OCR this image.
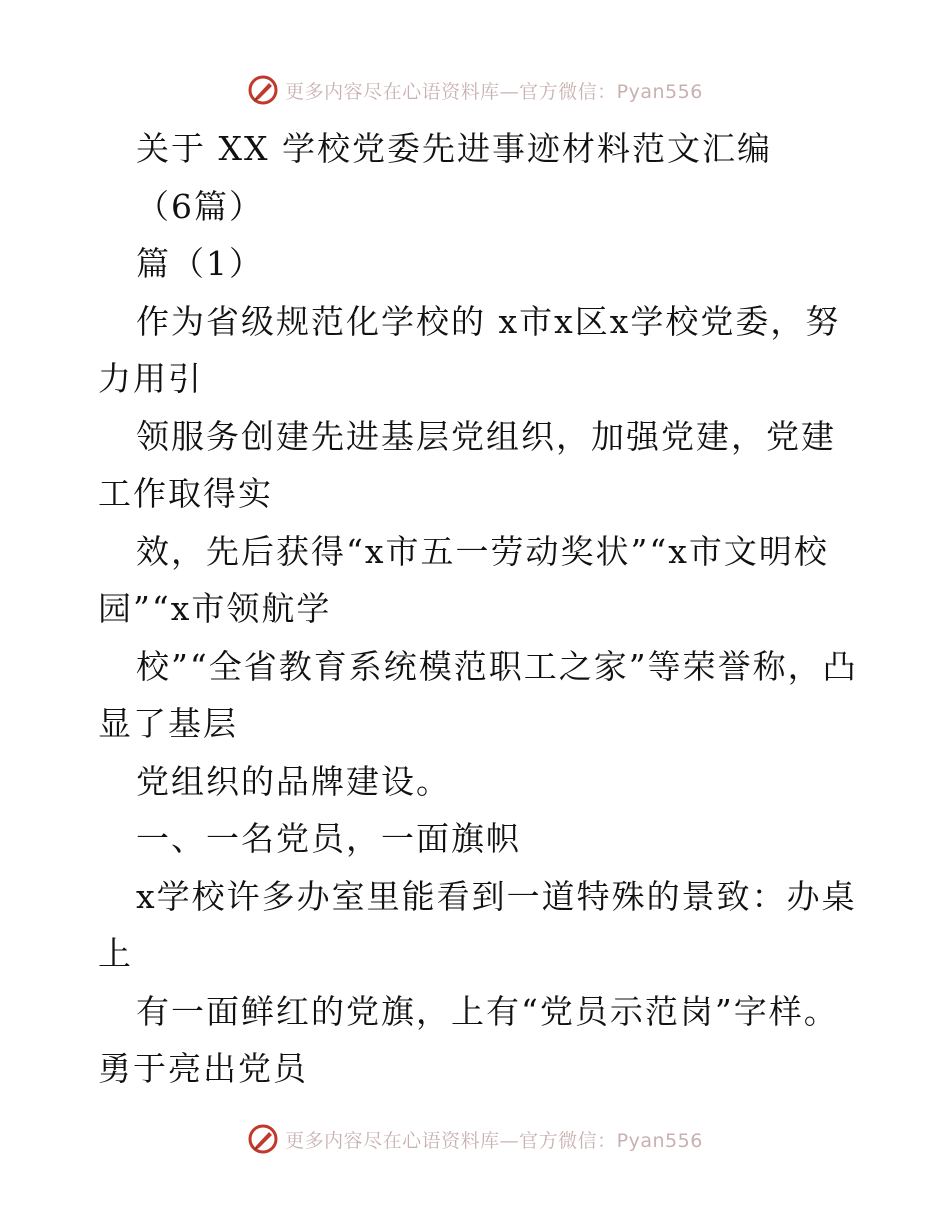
更多内容尽在心语资料库—官方微信：Pyan556

关于 XX 学校党委先进事迹材料范文汇编

（6篇）

篇（1）

作为省级规范化学校的 x市x区x学校党委，努力用引

领服务创建先进基层党组织，加强党建，党建工作取得实

效，先后获得“x市五一劳动奖状”“x市文明校园”“x市领航学

校”“全省教育系统模范职工之家”等荣誉称，凸显了基层

党组织的品牌建设。

一、一名党员，一面旗帜

x学校许多办室里能看到一道特殊的景致：办桌上

有一面鲜红的党旗，上有“党员示范岗”字样。勇于亮出党员

更多内容尽在心语资料库—官方微信：Pyan556
